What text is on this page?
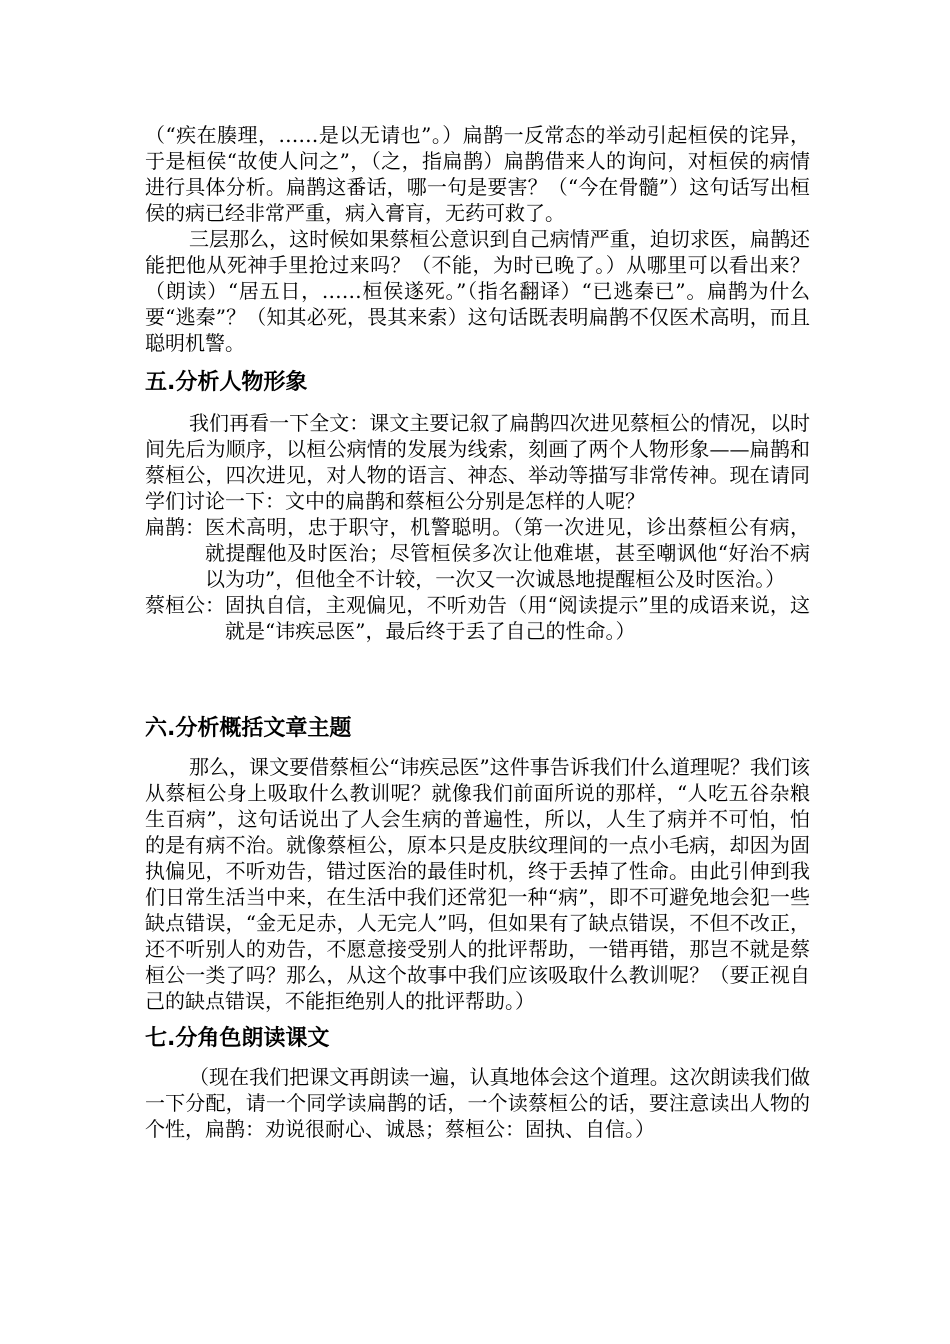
（“疾在腠理，……是以无请也”。）扁鹊一反常态的举动引起桓侯的诧异，于是桓侯“故使人问之”，（之，指扁鹊）扁鹊借来人的询问，对桓侯的病情进行具体分析。扁鹊这番话，哪一句是要害？（“今在骨髓”）这句话写出桓侯的病已经非常严重，病入膏肓，无药可救了。

三层那么，这时候如果蔡桓公意识到自己病情严重，迫切求医，扁鹊还能把他从死神手里抢过来吗？（不能，为时已晚了。）从哪里可以看出来？（朗读）“居五日，……桓侯遂死。”（指名翻译）“已逃秦已”。扁鹊为什么要“逃秦”？（知其必死，畏其来索）这句话既表明扁鹊不仅医术高明，而且聪明机警。

五.分析人物形象

我们再看一下全文：课文主要记叙了扁鹊四次进见蔡桓公的情况，以时间先后为顺序，以桓公病情的发展为线索，刻画了两个人物形象——扁鹊和蔡桓公，四次进见，对人物的语言、神态、举动等描写非常传神。现在请同学们讨论一下：文中的扁鹊和蔡桓公分别是怎样的人呢？

扁鹊： 医术高明，忠于职守，机警聪明。（第一次进见，诊出蔡桓公有病，就提醒他及时医治；尽管桓侯多次让他难堪，甚至嘲讽他“好治不病以为功”，但他全不计较，一次又一次诚恳地提醒桓公及时医治。）
蔡桓公： 固执自信，主观偏见，不听劝告（用“阅读提示”里的成语来说，这就是“讳疾忌医”，最后终于丢了自己的性命。）
六.分析概括文章主题

那么，课文要借蔡桓公“讳疾忌医”这件事告诉我们什么道理呢？我们该从蔡桓公身上吸取什么教训呢？就像我们前面所说的那样，“人吃五谷杂粮生百病”，这句话说出了人会生病的普遍性，所以，人生了病并不可怕，怕的是有病不治。就像蔡桓公，原本只是皮肤纹理间的一点小毛病，却因为固执偏见，不听劝告，错过医治的最佳时机，终于丢掉了性命。由此引伸到我们日常生活当中来，在生活中我们还常犯一种“病”，即不可避免地会犯一些缺点错误，“金无足赤，人无完人”吗，但如果有了缺点错误，不但不改正，还不听别人的劝告，不愿意接受别人的批评帮助，一错再错，那岂不就是蔡桓公一类了吗？那么，从这个故事中我们应该吸取什么教训呢？（要正视自己的缺点错误，不能拒绝别人的批评帮助。）

七.分角色朗读课文

（现在我们把课文再朗读一遍，认真地体会这个道理。这次朗读我们做一下分配，请一个同学读扁鹊的话，一个读蔡桓公的话，要注意读出人物的个性，扁鹊：劝说很耐心、诚恳；蔡桓公：固执、自信。）
